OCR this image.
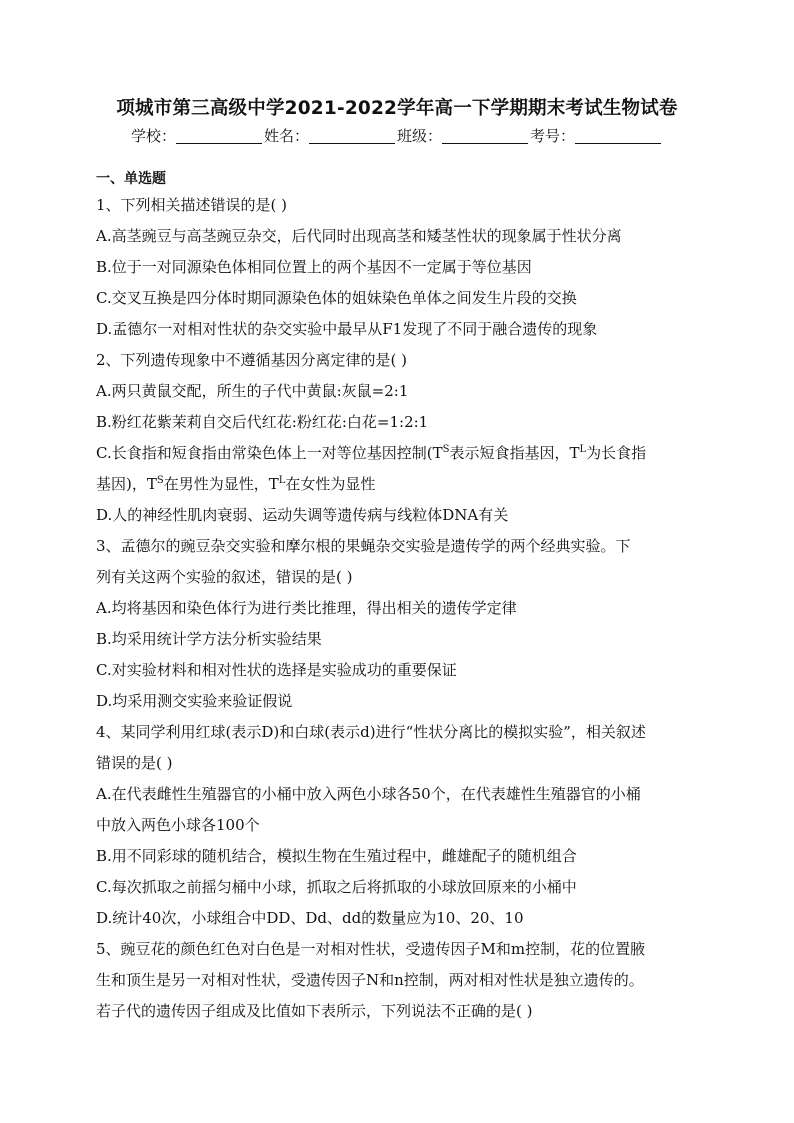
项城市第三高级中学2021-2022学年高一下学期期末考试生物试卷
学校：	姓名：	班级：	考号：
一、单选题
1、下列相关描述错误的是( )
A.高茎豌豆与高茎豌豆杂交，后代同时出现高茎和矮茎性状的现象属于性状分离
B.位于一对同源染色体相同位置上的两个基因不一定属于等位基因
C.交叉互换是四分体时期同源染色体的姐妹染色单体之间发生片段的交换
D.孟德尔一对相对性状的杂交实验中最早从F1发现了不同于融合遗传的现象
2、下列遗传现象中不遵循基因分离定律的是( )
A.两只黄鼠交配，所生的子代中黄鼠:灰鼠=2:1
B.粉红花紫茉莉自交后代红花:粉红花:白花=1:2:1
C.长食指和短食指由常染色体上一对等位基因控制($T^S$表示短食指基因，$T^L$为长食指
基因)，$T^S$在男性为显性，$T^L$在女性为显性
D.人的神经性肌肉衰弱、运动失调等遗传病与线粒体DNA有关
3、孟德尔的豌豆杂交实验和摩尔根的果蝇杂交实验是遗传学的两个经典实验。下
列有关这两个实验的叙述，错误的是( )
A.均将基因和染色体行为进行类比推理，得出相关的遗传学定律
B.均采用统计学方法分析实验结果
C.对实验材料和相对性状的选择是实验成功的重要保证
D.均采用测交实验来验证假说
4、某同学利用红球(表示D)和白球(表示d)进行“性状分离比的模拟实验”，相关叙述
错误的是( )
A.在代表雌性生殖器官的小桶中放入两色小球各50个，在代表雄性生殖器官的小桶
中放入两色小球各100个
B.用不同彩球的随机结合，模拟生物在生殖过程中，雌雄配子的随机组合
C.每次抓取之前摇匀桶中小球，抓取之后将抓取的小球放回原来的小桶中
D.统计40次，小球组合中DD、Dd、dd的数量应为10、20、10
5、豌豆花的颜色红色对白色是一对相对性状，受遗传因子M和m控制，花的位置腋
生和顶生是另一对相对性状，受遗传因子N和n控制，两对相对性状是独立遗传的。
若子代的遗传因子组成及比值如下表所示，下列说法不正确的是( )
